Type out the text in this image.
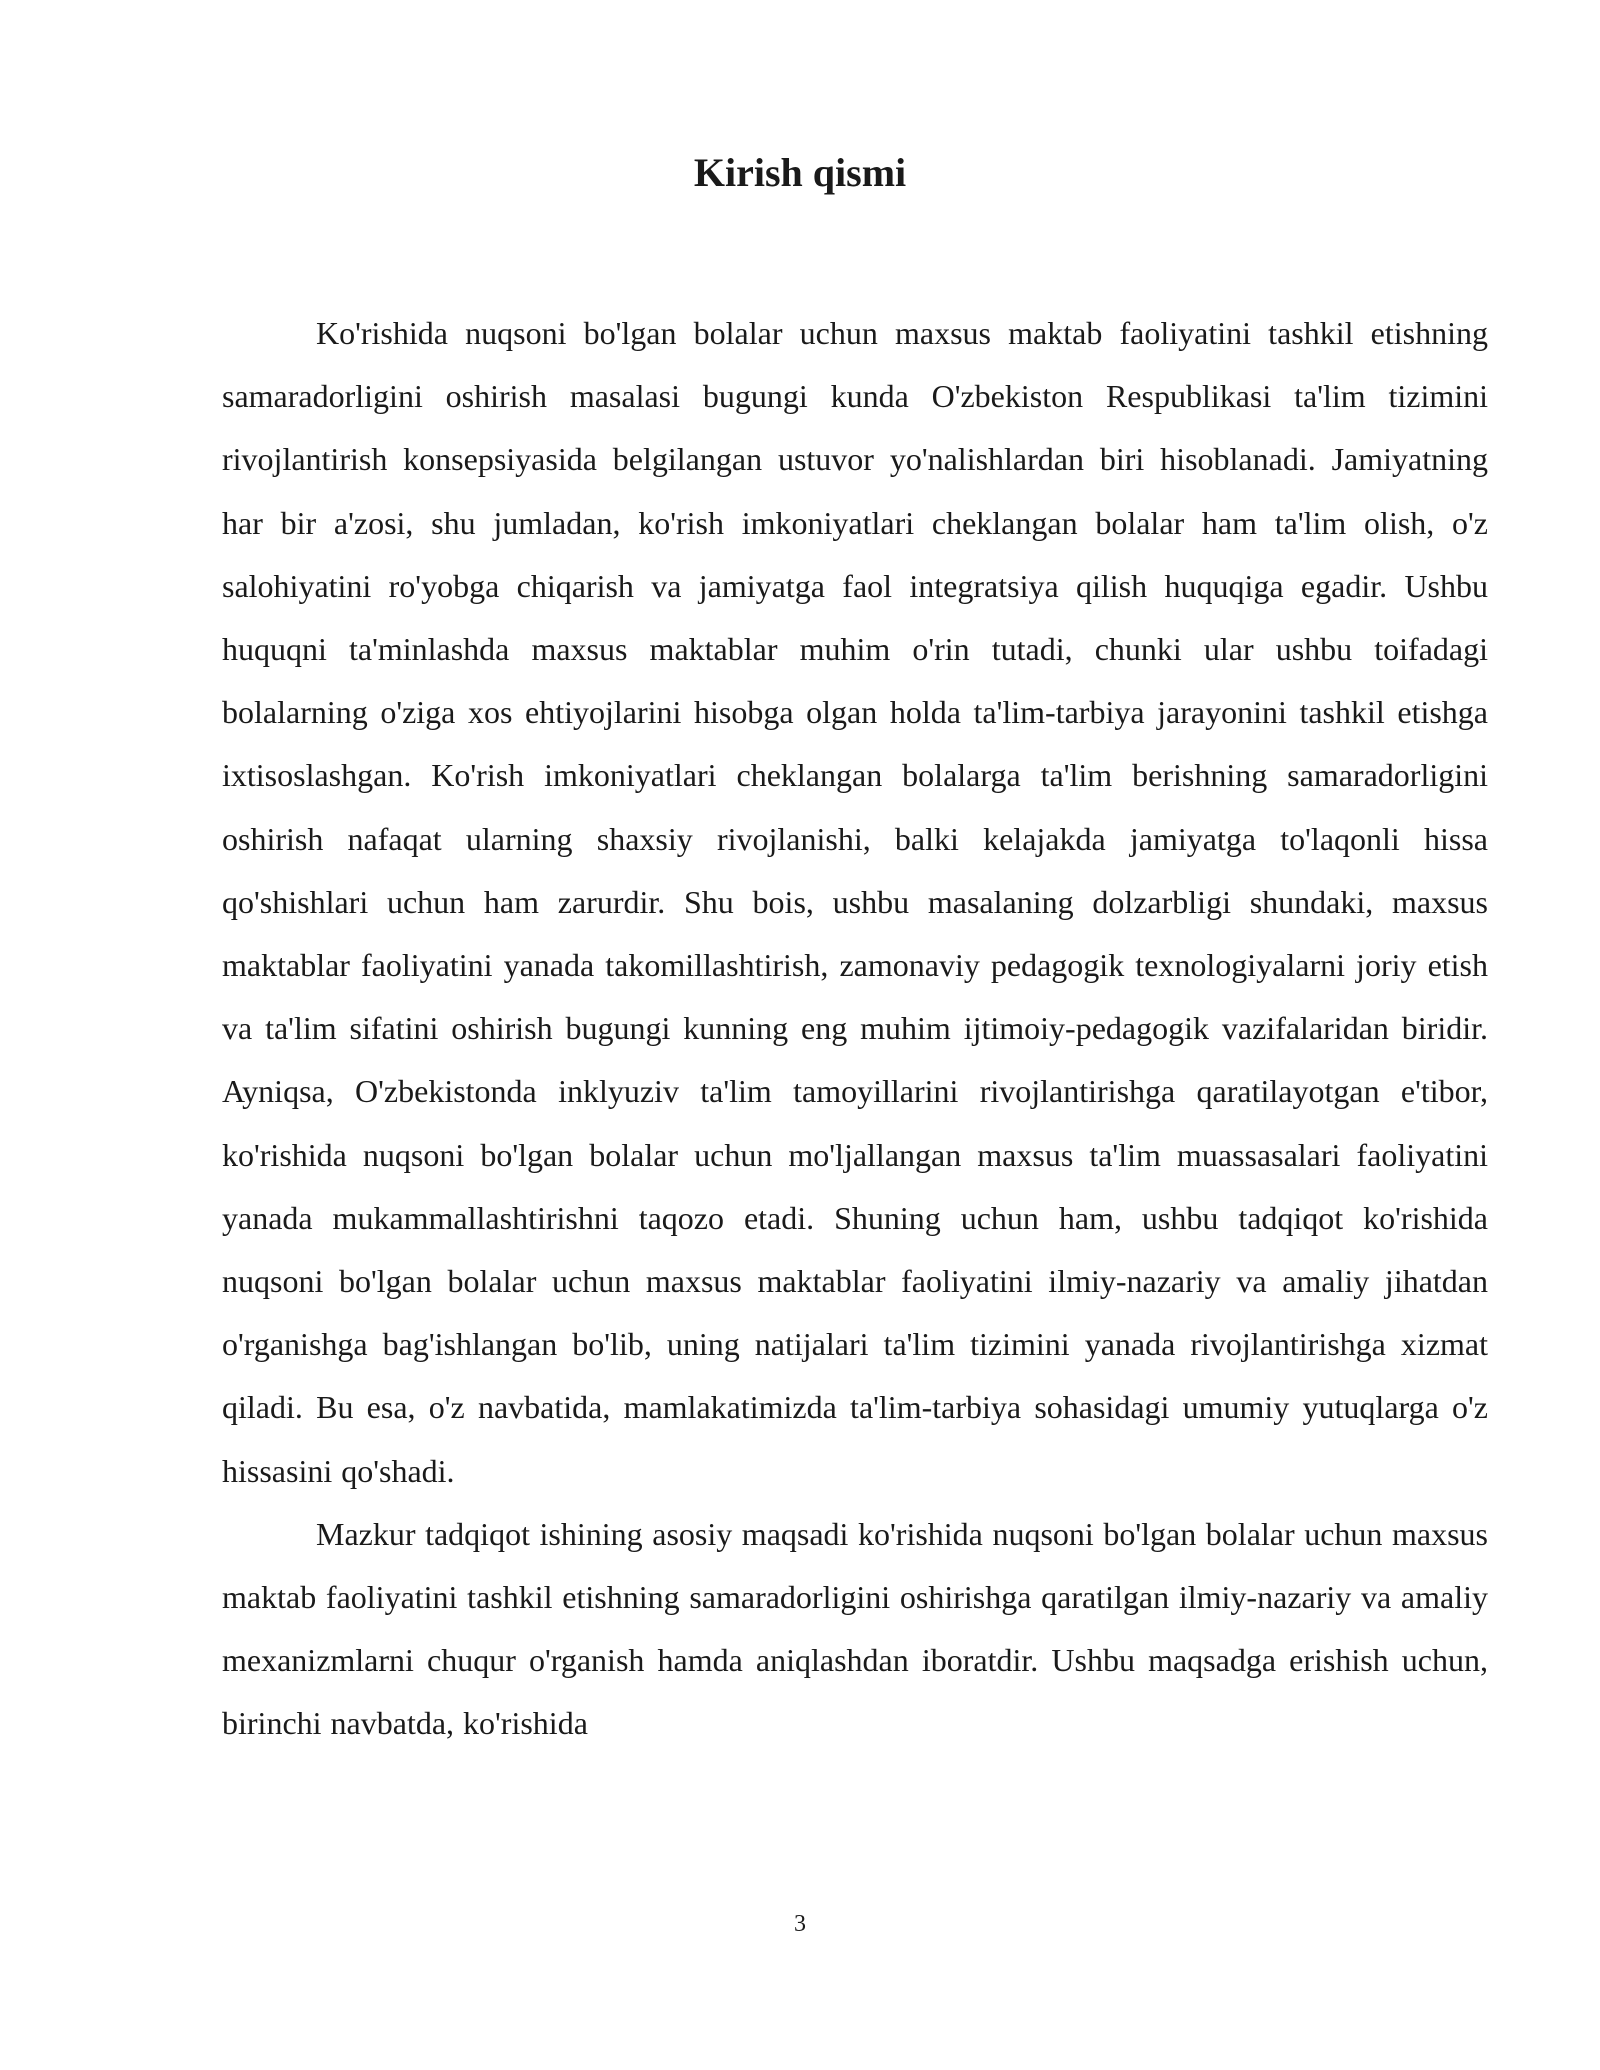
Kirish qismi

Ko'rishida nuqsoni bo'lgan bolalar uchun maxsus maktab faoliyatini tashkil etishning samaradorligini oshirish masalasi bugungi kunda O'zbekiston Respublikasi ta'lim tizimini rivojlantirish konsepsiyasida belgilangan ustuvor yo'nalishlardan biri hisoblanadi. Jamiyatning har bir a'zosi, shu jumladan, ko'rish imkoniyatlari cheklangan bolalar ham ta'lim olish, o'z salohiyatini ro'yobga chiqarish va jamiyatga faol integratsiya qilish huquqiga egadir. Ushbu huquqni ta'minlashda maxsus maktablar muhim o'rin tutadi, chunki ular ushbu toifadagi bolalarning o'ziga xos ehtiyojlarini hisobga olgan holda ta'lim-tarbiya jarayonini tashkil etishga ixtisoslashgan. Ko'rish imkoniyatlari cheklangan bolalarga ta'lim berishning samaradorligini oshirish nafaqat ularning shaxsiy rivojlanishi, balki kelajakda jamiyatga to'laqonli hissa qo'shishlari uchun ham zarurdir. Shu bois, ushbu masalaning dolzarbligi shundaki, maxsus maktablar faoliyatini yanada takomillashtirish, zamonaviy pedagogik texnologiyalarni joriy etish va ta'lim sifatini oshirish bugungi kunning eng muhim ijtimoiy-pedagogik vazifalaridan biridir. Ayniqsa, O'zbekistonda inklyuziv ta'lim tamoyillarini rivojlantirishga qaratilayotgan e'tibor, ko'rishida nuqsoni bo'lgan bolalar uchun mo'ljallangan maxsus ta'lim muassasalari faoliyatini yanada mukammallashtirishni taqozo etadi. Shuning uchun ham, ushbu tadqiqot ko'rishida nuqsoni bo'lgan bolalar uchun maxsus maktablar faoliyatini ilmiy-nazariy va amaliy jihatdan o'rganishga bag'ishlangan bo'lib, uning natijalari ta'lim tizimini yanada rivojlantirishga xizmat qiladi. Bu esa, o'z navbatida, mamlakatimizda ta'lim-tarbiya sohasidagi umumiy yutuqlarga o'z hissasini qo'shadi.

Mazkur tadqiqot ishining asosiy maqsadi ko'rishida nuqsoni bo'lgan bolalar uchun maxsus maktab faoliyatini tashkil etishning samaradorligini oshirishga qaratilgan ilmiy-nazariy va amaliy mexanizmlarni chuqur o'rganish hamda aniqlashdan iboratdir. Ushbu maqsadga erishish uchun, birinchi navbatda, ko'rishida

3
